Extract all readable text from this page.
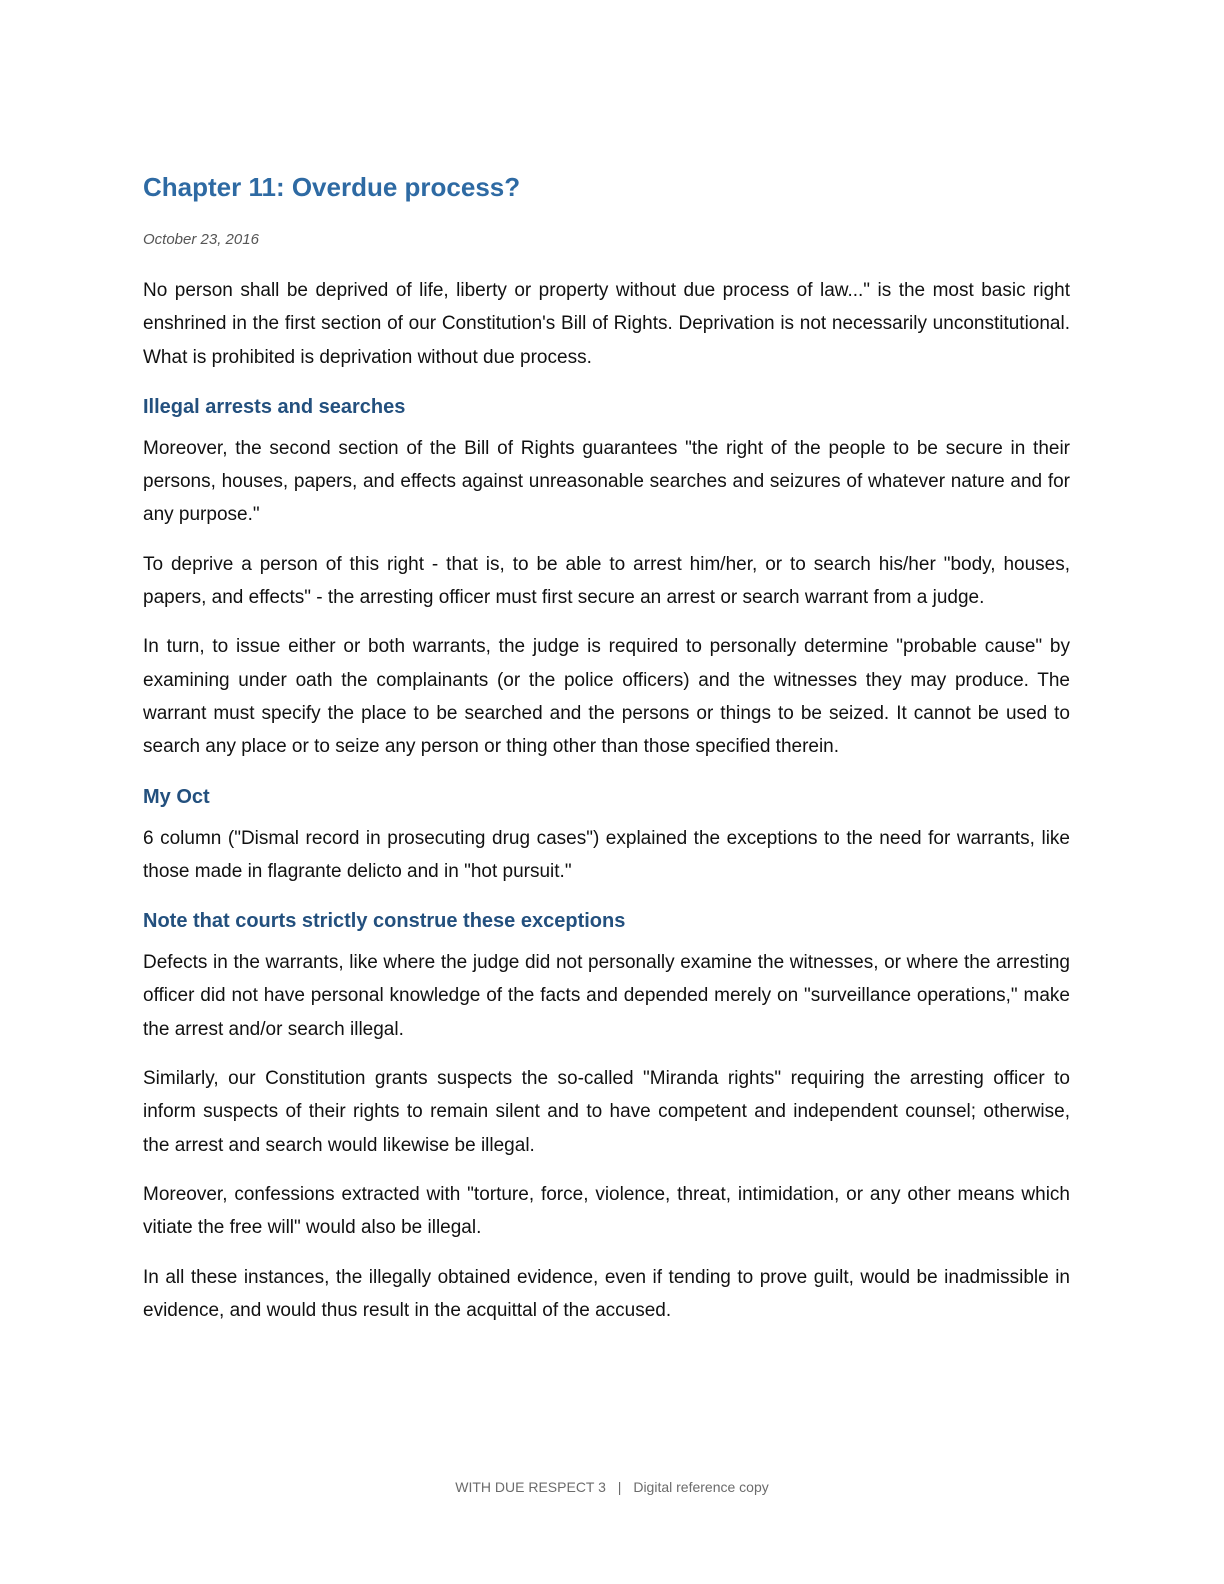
Chapter 11: Overdue process?

October 23, 2016

No person shall be deprived of life, liberty or property without due process of law..." is the most basic right enshrined in the first section of our Constitution's Bill of Rights. Deprivation is not necessarily unconstitutional. What is prohibited is deprivation without due process.

Illegal arrests and searches

Moreover, the second section of the Bill of Rights guarantees "the right of the people to be secure in their persons, houses, papers, and effects against unreasonable searches and seizures of whatever nature and for any purpose."

To deprive a person of this right - that is, to be able to arrest him/her, or to search his/her "body, houses, papers, and effects" - the arresting officer must first secure an arrest or search warrant from a judge.

In turn, to issue either or both warrants, the judge is required to personally determine "probable cause" by examining under oath the complainants (or the police officers) and the witnesses they may produce. The warrant must specify the place to be searched and the persons or things to be seized. It cannot be used to search any place or to seize any person or thing other than those specified therein.

My Oct

6 column ("Dismal record in prosecuting drug cases") explained the exceptions to the need for warrants, like those made in flagrante delicto and in "hot pursuit."

Note that courts strictly construe these exceptions

Defects in the warrants, like where the judge did not personally examine the witnesses, or where the arresting officer did not have personal knowledge of the facts and depended merely on "surveillance operations," make the arrest and/or search illegal.

Similarly, our Constitution grants suspects the so-called "Miranda rights" requiring the arresting officer to inform suspects of their rights to remain silent and to have competent and independent counsel; otherwise, the arrest and search would likewise be illegal.

Moreover, confessions extracted with "torture, force, violence, threat, intimidation, or any other means which vitiate the free will" would also be illegal.

In all these instances, the illegally obtained evidence, even if tending to prove guilt, would be inadmissible in evidence, and would thus result in the acquittal of the accused.

WITH DUE RESPECT 3 | Digital reference copy
